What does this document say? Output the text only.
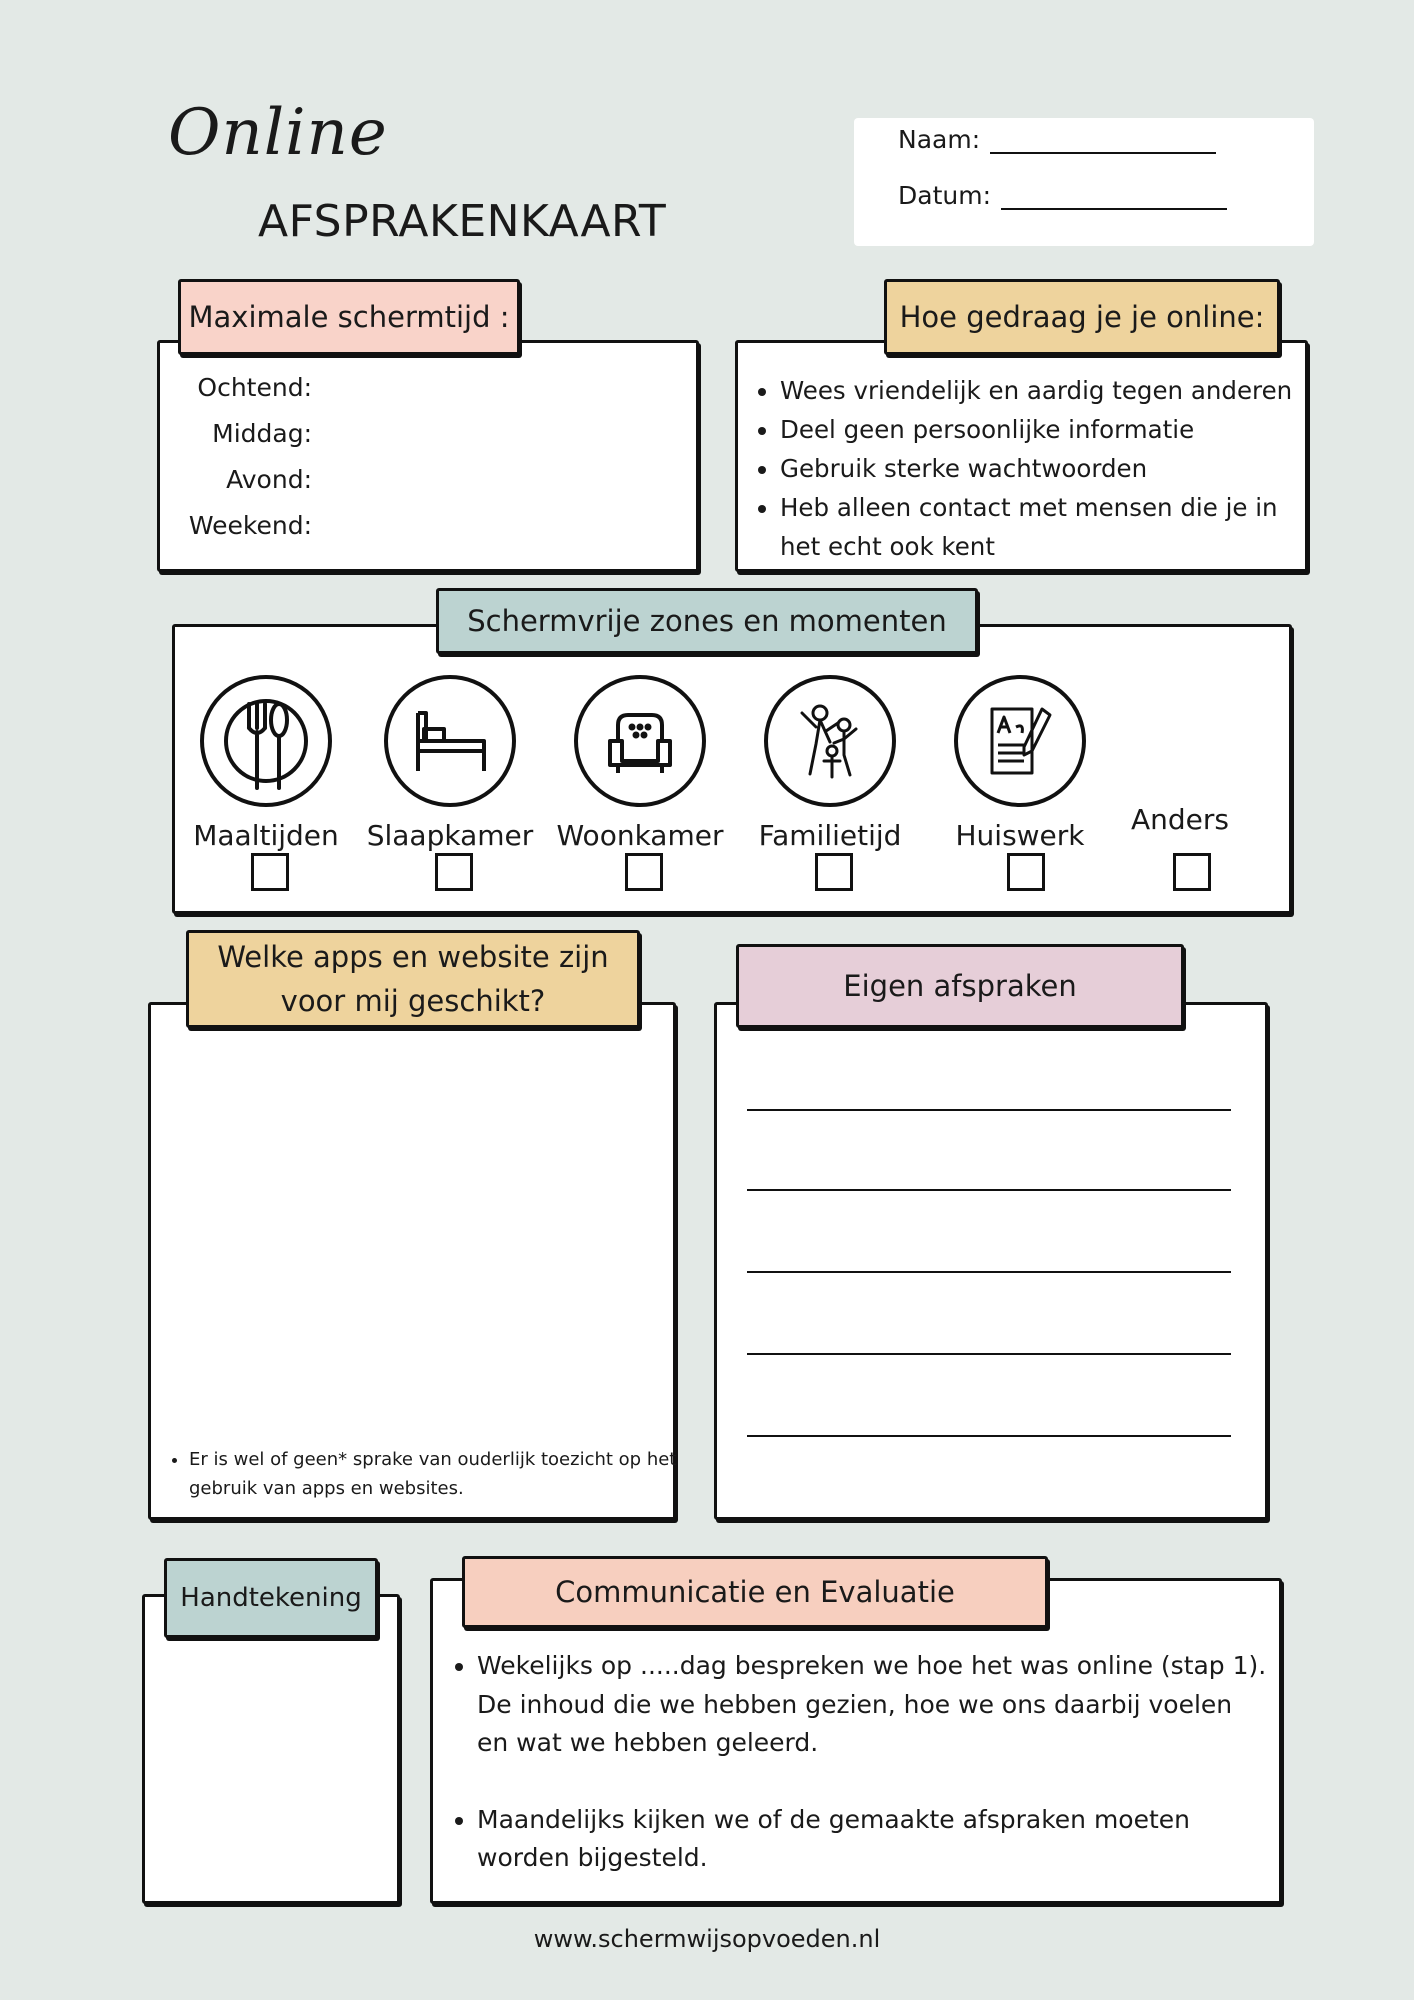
Online
AFSPRAKENKAART
Naam:
Datum:
Ochtend:
Middag:
Avond:
Weekend:
Maximale schermtijd :
• Wees vriendelijk en aardig tegen anderen
• Deel geen persoonlijke informatie
• Gebruik sterke wachtwoorden
• Heb alleen contact met mensen die je in het echt ook kent
Hoe gedraag je je online:
Maaltijden Slaapkamer Woonkamer	Familietijd	Huiswerk	Anders
Schermvrije zones en momenten
• Er is wel of geen* sprake van ouderlijk toezicht op het gebruik van apps en websites.
Welke apps en website zijn voor mij geschikt?	Eigen afspraken
Handtekening
• Wekelijks op .....dag bespreken we hoe het was online (stap 1). De inhoud die we hebben gezien, hoe we ons daarbij voelen en wat we hebben geleerd.
• Maandelijks kijken we of de gemaakte afspraken moeten worden bijgesteld.
Communicatie en Evaluatie
www.schermwijsopvoeden.nl
